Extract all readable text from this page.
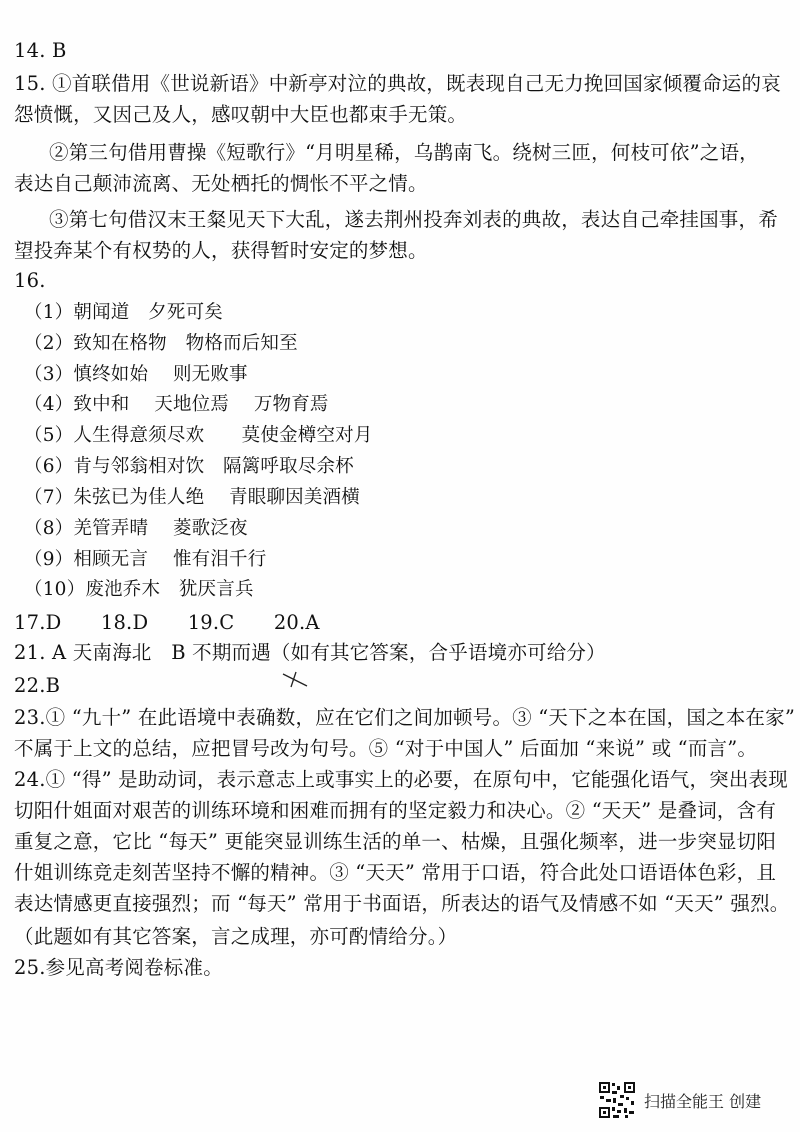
14. B
15. ①首联借用《世说新语》中新亭对泣的典故，既表现自己无力挽回国家倾覆命运的哀
怨愤慨，又因己及人，感叹朝中大臣也都束手无策。
②第三句借用曹操《短歌行》“月明星稀，乌鹊南飞。绕树三匝，何枝可依”之语，
表达自己颠沛流离、无处栖托的惆怅不平之情。
③第七句借汉末王粲见天下大乱，遂去荆州投奔刘表的典故，表达自己牵挂国事，希
望投奔某个有权势的人，获得暂时安定的梦想。
16.
（1）朝闻道　夕死可矣
（2）致知在格物　物格而后知至
（3）慎终如始　 则无败事
（4）致中和　 天地位焉　 万物育焉
（5）人生得意须尽欢　　莫使金樽空对月
（6）肯与邻翁相对饮　隔篱呼取尽余杯
（7）朱弦已为佳人绝　 青眼聊因美酒横
（8）羌管弄晴　 菱歌泛夜
（9）相顾无言　 惟有泪千行
（10）废池乔木　犹厌言兵
17.D　　18.D　　19.C　　20.A
21. A 天南海北　B 不期而遇（如有其它答案，合乎语境亦可给分）
22.B
23.① “九十” 在此语境中表确数，应在它们之间加顿号。③ “天下之本在国，国之本在家”
不属于上文的总结，应把冒号改为句号。⑤ “对于中国人” 后面加 “来说” 或 “而言”。
24.① “得” 是助动词，表示意志上或事实上的必要，在原句中，它能强化语气，突出表现
切阳什姐面对艰苦的训练环境和困难而拥有的坚定毅力和决心。② “天天” 是叠词，含有
重复之意，它比 “每天” 更能突显训练生活的单一、枯燥，且强化频率，进一步突显切阳
什姐训练竞走刻苦坚持不懈的精神。③ “天天” 常用于口语，符合此处口语语体色彩，且
表达情感更直接强烈；而 “每天” 常用于书面语，所表达的语气及情感不如 “天天” 强烈。
（此题如有其它答案，言之成理，亦可酌情给分。）
25.参见高考阅卷标准。
扫描全能王 创建
